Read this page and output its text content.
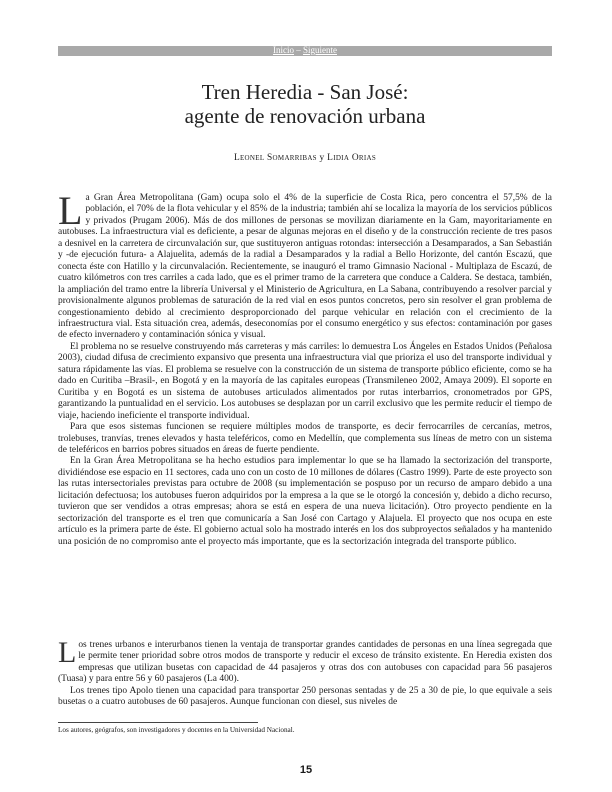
Inicio – Siguiente
Tren Heredia - San José:
agente de renovación urbana
Leonel Somarribas y Lidia Orias

La Gran Área Metropolitana (Gam) ocupa solo el 4% de la superficie de Costa Rica, pero concentra el 57,5% de la población, el 70% de la flota vehicular y el 85% de la industria; también ahí se localiza la mayoría de los servicios públicos y privados (Prugam 2006). Más de dos millones de personas se movilizan diariamente en la Gam, mayoritariamente en autobuses. La infraestructura vial es deficiente, a pesar de algunas mejoras en el diseño y de la construcción reciente de tres pasos a desnivel en la carretera de circunvalación sur, que sustituyeron antiguas rotondas: intersección a Desamparados, a San Sebastián y -de ejecución futura- a Alajuelita, además de la radial a Desamparados y la radial a Bello Horizonte, del cantón Escazú, que conecta éste con Hatillo y la circunvalación. Recientemente, se inauguró el tramo Gimnasio Nacional - Multiplaza de Escazú, de cuatro kilómetros con tres carriles a cada lado, que es el primer tramo de la carretera que conduce a Caldera. Se destaca, también, la ampliación del tramo entre la librería Universal y el Ministerio de Agricultura, en La Sabana, contribuyendo a resolver parcial y provisionalmente algunos problemas de saturación de la red vial en esos puntos concretos, pero sin resolver el gran problema de congestionamiento debido al crecimiento desproporcionado del parque vehicular en relación con el crecimiento de la infraestructura vial. Esta situación crea, además, deseconomías por el consumo energético y sus efectos: contaminación por gases de efecto invernadero y contaminación sónica y visual.

El problema no se resuelve construyendo más carreteras y más carriles: lo demuestra Los Ángeles en Estados Unidos (Peñalosa 2003), ciudad difusa de crecimiento expansivo que presenta una infraestructura vial que prioriza el uso del transporte individual y satura rápidamente las vías. El problema se resuelve con la construcción de un sistema de transporte público eficiente, como se ha dado en Curitiba –Brasil-, en Bogotá y en la mayoría de las capitales europeas (Transmileneo 2002, Amaya 2009). El soporte en Curitiba y en Bogotá es un sistema de autobuses articulados alimentados por rutas interbarrios, cronometrados por GPS, garantizando la puntualidad en el servicio. Los autobuses se desplazan por un carril exclusivo que les permite reducir el tiempo de viaje, haciendo ineficiente el transporte individual.

Para que esos sistemas funcionen se requiere múltiples modos de transporte, es decir ferrocarriles de cercanías, metros, trolebuses, tranvías, trenes elevados y hasta teleféricos, como en Medellín, que complementa sus líneas de metro con un sistema de teleféricos en barrios pobres situados en áreas de fuerte pendiente.

En la Gran Área Metropolitana se ha hecho estudios para implementar lo que se ha llamado la sectorización del transporte, dividiéndose ese espacio en 11 sectores, cada uno con un costo de 10 millones de dólares (Castro 1999). Parte de este proyecto son las rutas intersectoriales previstas para octubre de 2008 (su implementación se pospuso por un recurso de amparo debido a una licitación defectuosa; los autobuses fueron adquiridos por la empresa a la que se le otorgó la concesión y, debido a dicho recurso, tuvieron que ser vendidos a otras empresas; ahora se está en espera de una nueva licitación). Otro proyecto pendiente en la sectorización del transporte es el tren que comunicaría a San José con Cartago y Alajuela. El proyecto que nos ocupa en este artículo es la primera parte de éste. El gobierno actual solo ha mostrado interés en los dos subproyectos señalados y ha mantenido una posición de no compromiso ante el proyecto más importante, que es la sectorización integrada del transporte público.

Los trenes urbanos e interurbanos tienen la ventaja de transportar grandes cantidades de personas en una línea segregada que le permite tener prioridad sobre otros modos de transporte y reducir el exceso de tránsito existente. En Heredia existen dos empresas que utilizan busetas con capacidad de 44 pasajeros y otras dos con autobuses con capacidad para 56 pasajeros (Tuasa) y para entre 56 y 60 pasajeros (La 400).

Los trenes tipo Apolo tienen una capacidad para transportar 250 personas sentadas y de 25 a 30 de pie, lo que equivale a seis busetas o a cuatro autobuses de 60 pasajeros. Aunque funcionan con diesel, sus niveles de

Los autores, geógrafos, son investigadores y docentes en la Universidad Nacional.
15
